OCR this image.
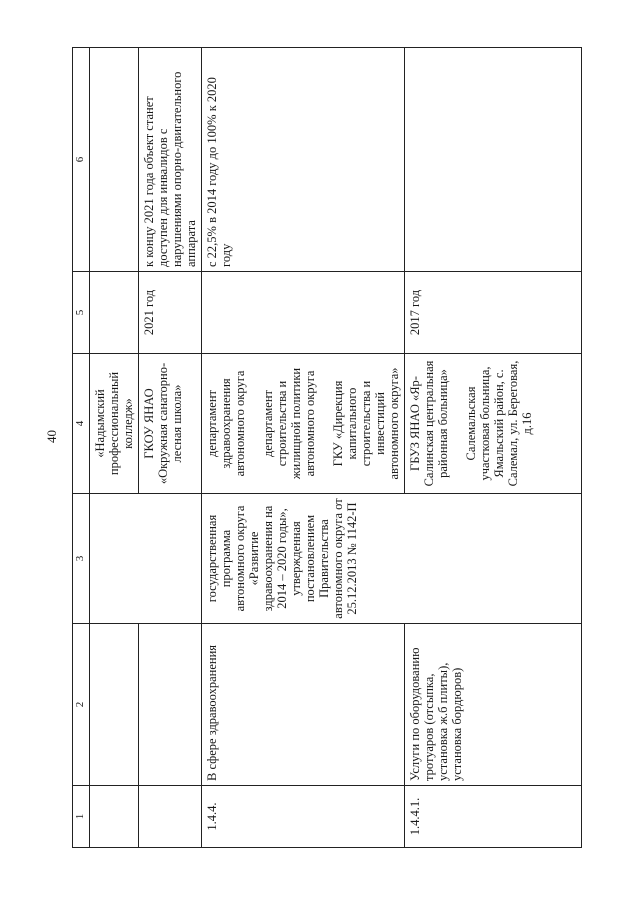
40
1	2	3	4	5	6
			«Надымский профессиональный колледж»		
			ГКОУ ЯНАО «Окружная санаторно-лесная школа»	2021 год	к концу 2021 года объект станет доступен для инвалидов с нарушениями опорно-двигательного аппарата
1.4.4.	В сфере здравоохранения	государственная программа автономного округа «Развитие здравоохранения на 2014 – 2020 годы», утвержденная постановлением Правительства автономного округа от 25.12.2013 № 1142-П	департамент здравоохранения автономного округа департамент строительства и жилищной политики автономного округа ГКУ «Дирекция капитального строительства и инвестиций автономного округа»		с 22,5% в 2014 году до 100% к 2020 году
1.4.4.1.	Услуги по оборудованию тротуаров (отсыпка, установка ж.б плиты), установка бордюров)		ГБУЗ ЯНАО «Яр-Салинская центральная районная больница» Салемальская участковая больница, Ямальский район, с. Салемал, ул. Береговая, д.16	2017 год	
